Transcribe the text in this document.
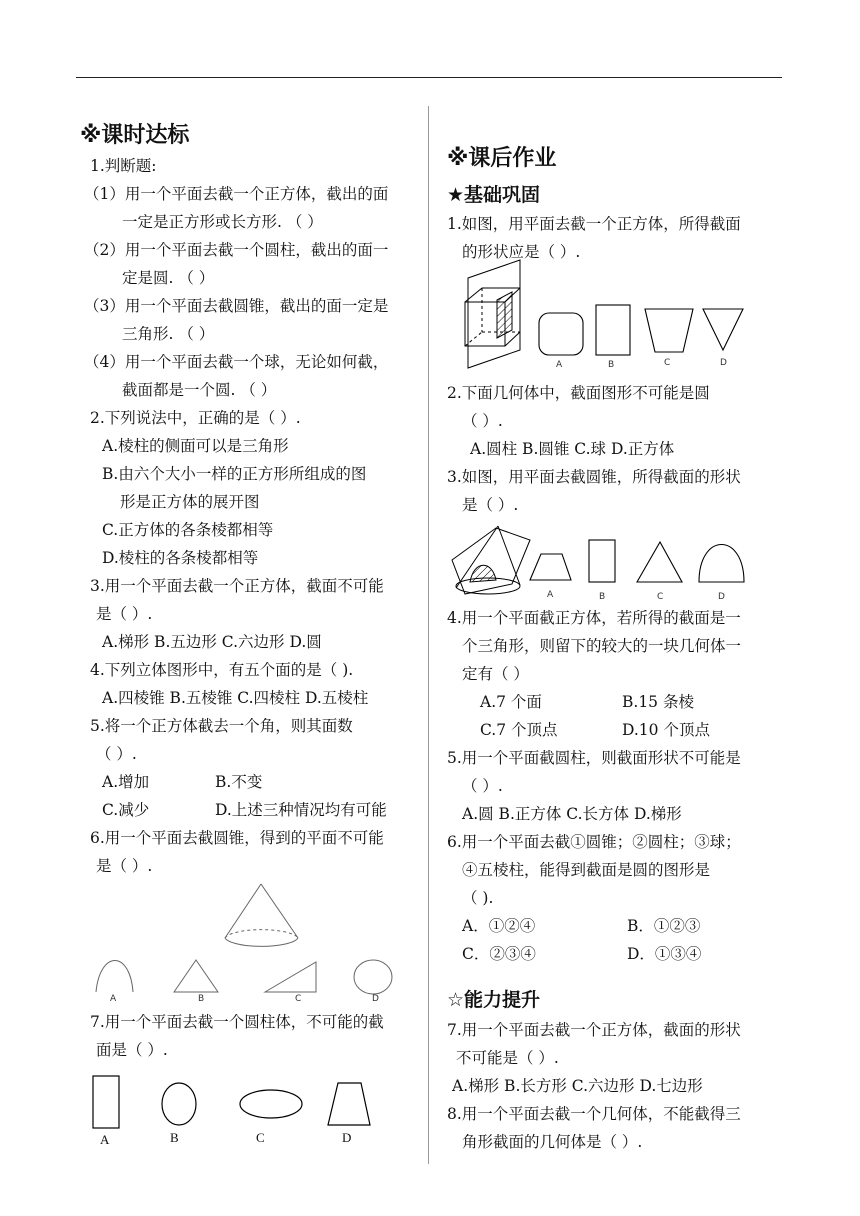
※课时达标
1.判断题:
（1）用一个平面去截一个正方体，截出的面
一定是正方形或长方形. （ ）
（2）用一个平面去截一个圆柱，截出的面一
定是圆. （ ）
（3）用一个平面去截圆锥，截出的面一定是
三角形. （ ）
（4）用一个平面去截一个球，无论如何截，
截面都是一个圆. （ ）
2.下列说法中，正确的是（ ）.
A.棱柱的侧面可以是三角形
B.由六个大小一样的正方形所组成的图
形是正方体的展开图
C.正方体的各条棱都相等
D.棱柱的各条棱都相等
3.用一个平面去截一个正方体，截面不可能
是（ ）.
A.梯形 B.五边形 C.六边形 D.圆
4.下列立体图形中，有五个面的是（ ).
A.四棱锥 B.五棱锥 C.四棱柱 D.五棱柱
5.将一个正方体截去一个角，则其面数
（ ）.
A.增加	B.不变
C.减少	D.上述三种情况均有可能
6.用一个平面去截圆锥，得到的平面不可能
是（ ）.
A	B	C	D
7.用一个平面去截一个圆柱体，不可能的截
面是（ ）.
A	B	C	D
※课后作业
★基础巩固
1.如图，用平面去截一个正方体，所得截面
的形状应是（ ）.
A	B	C	D
2.下面几何体中，截面图形不可能是圆
（ ）.
A.圆柱 B.圆锥 C.球 D.正方体
3.如图，用平面去截圆锥，所得截面的形状
是（ ）.
A	B	C	D
4.用一个平面截正方体，若所得的截面是一
个三角形，则留下的较大的一块几何体一
定有（ ）
A.7 个面	B.15 条棱
C.7 个顶点	D.10 个顶点
5.用一个平面截圆柱，则截面形状不可能是
（ ）.
A.圆 B.正方体 C.长方体 D.梯形
6.用一个平面去截①圆锥；②圆柱；③球；
④五棱柱，能得到截面是圆的图形是
（ ).
A．①②④	B．①②③
C．②③④	D．①③④
☆能力提升
7.用一个平面去截一个正方体，截面的形状
不可能是（ ）.
A.梯形 B.长方形 C.六边形 D.七边形
8.用一个平面去截一个几何体，不能截得三
角形截面的几何体是（ ）.
